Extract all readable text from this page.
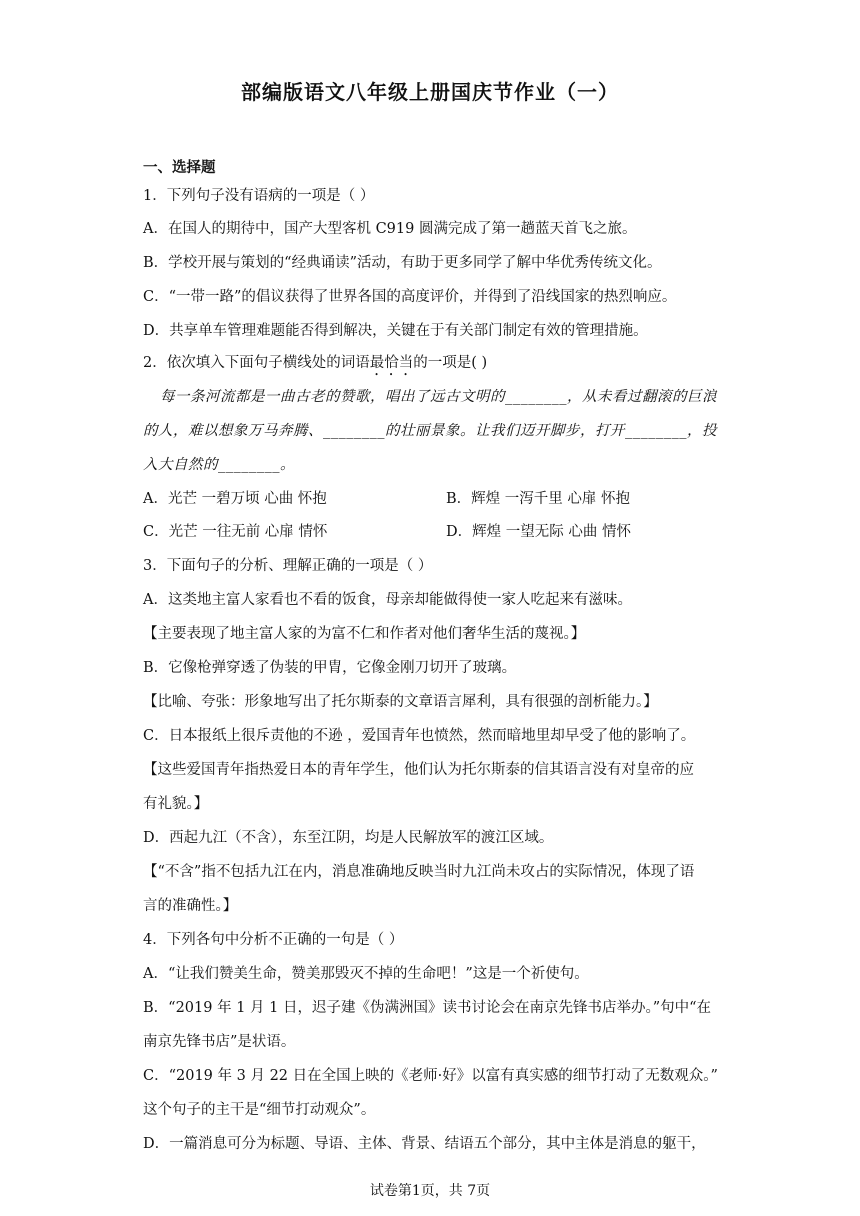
部编版语文八年级上册国庆节作业（一）
一、选择题
1．下列句子没有语病的一项是（ ）
A．在国人的期待中，国产大型客机 C919 圆满完成了第一趟蓝天首飞之旅。
B．学校开展与策划的“经典诵读”活动，有助于更多同学了解中华优秀传统文化。
C．“一带一路”的倡议获得了世界各国的高度评价，并得到了沿线国家的热烈响应。
D．共享单车管理难题能否得到解决，关键在于有关部门制定有效的管理措施。
2．依次填入下面句子横线处的词语最恰当的一项是( )
每一条河流都是一曲古老的赞歌，唱出了远古文明的________，从未看过翻滚的巨浪
的人，难以想象万马奔腾、________的壮丽景象。让我们迈开脚步，打开________，投
入大自然的________。
A．光芒 一碧万顷 心曲 怀抱	B．辉煌 一泻千里 心扉 怀抱
C．光芒 一往无前 心扉 情怀	D．辉煌 一望无际 心曲 情怀
3．下面句子的分析、理解正确的一项是（ ）
A．这类地主富人家看也不看的饭食，母亲却能做得使一家人吃起来有滋味。
【主要表现了地主富人家的为富不仁和作者对他们奢华生活的蔑视。】
B．它像枪弹穿透了伪装的甲胄，它像金刚刀切开了玻璃。
【比喻、夸张：形象地写出了托尔斯泰的文章语言犀利，具有很强的剖析能力。】
C．日本报纸上很斥责他的不逊 ，爱国青年也愤然，然而暗地里却早受了他的影响了。
【这些爱国青年指热爱日本的青年学生，他们认为托尔斯泰的信其语言没有对皇帝的应
有礼貌。】
D．西起九江（不含），东至江阴，均是人民解放军的渡江区域。
【“不含”指不包括九江在内，消息准确地反映当时九江尚未攻占的实际情况，体现了语
言的准确性。】
4．下列各句中分析不正确的一句是（ ）
A．“让我们赞美生命，赞美那毁灭不掉的生命吧！”这是一个祈使句。
B．“2019 年 1 月 1 日，迟子建《伪满洲国》读书讨论会在南京先锋书店举办。”句中“在
南京先锋书店”是状语。
C．“2019 年 3 月 22 日在全国上映的《老师·好》以富有真实感的细节打动了无数观众。”
这个句子的主干是“细节打动观众”。
D．一篇消息可分为标题、导语、主体、背景、结语五个部分，其中主体是消息的躯干，
试卷第1页，共 7页
